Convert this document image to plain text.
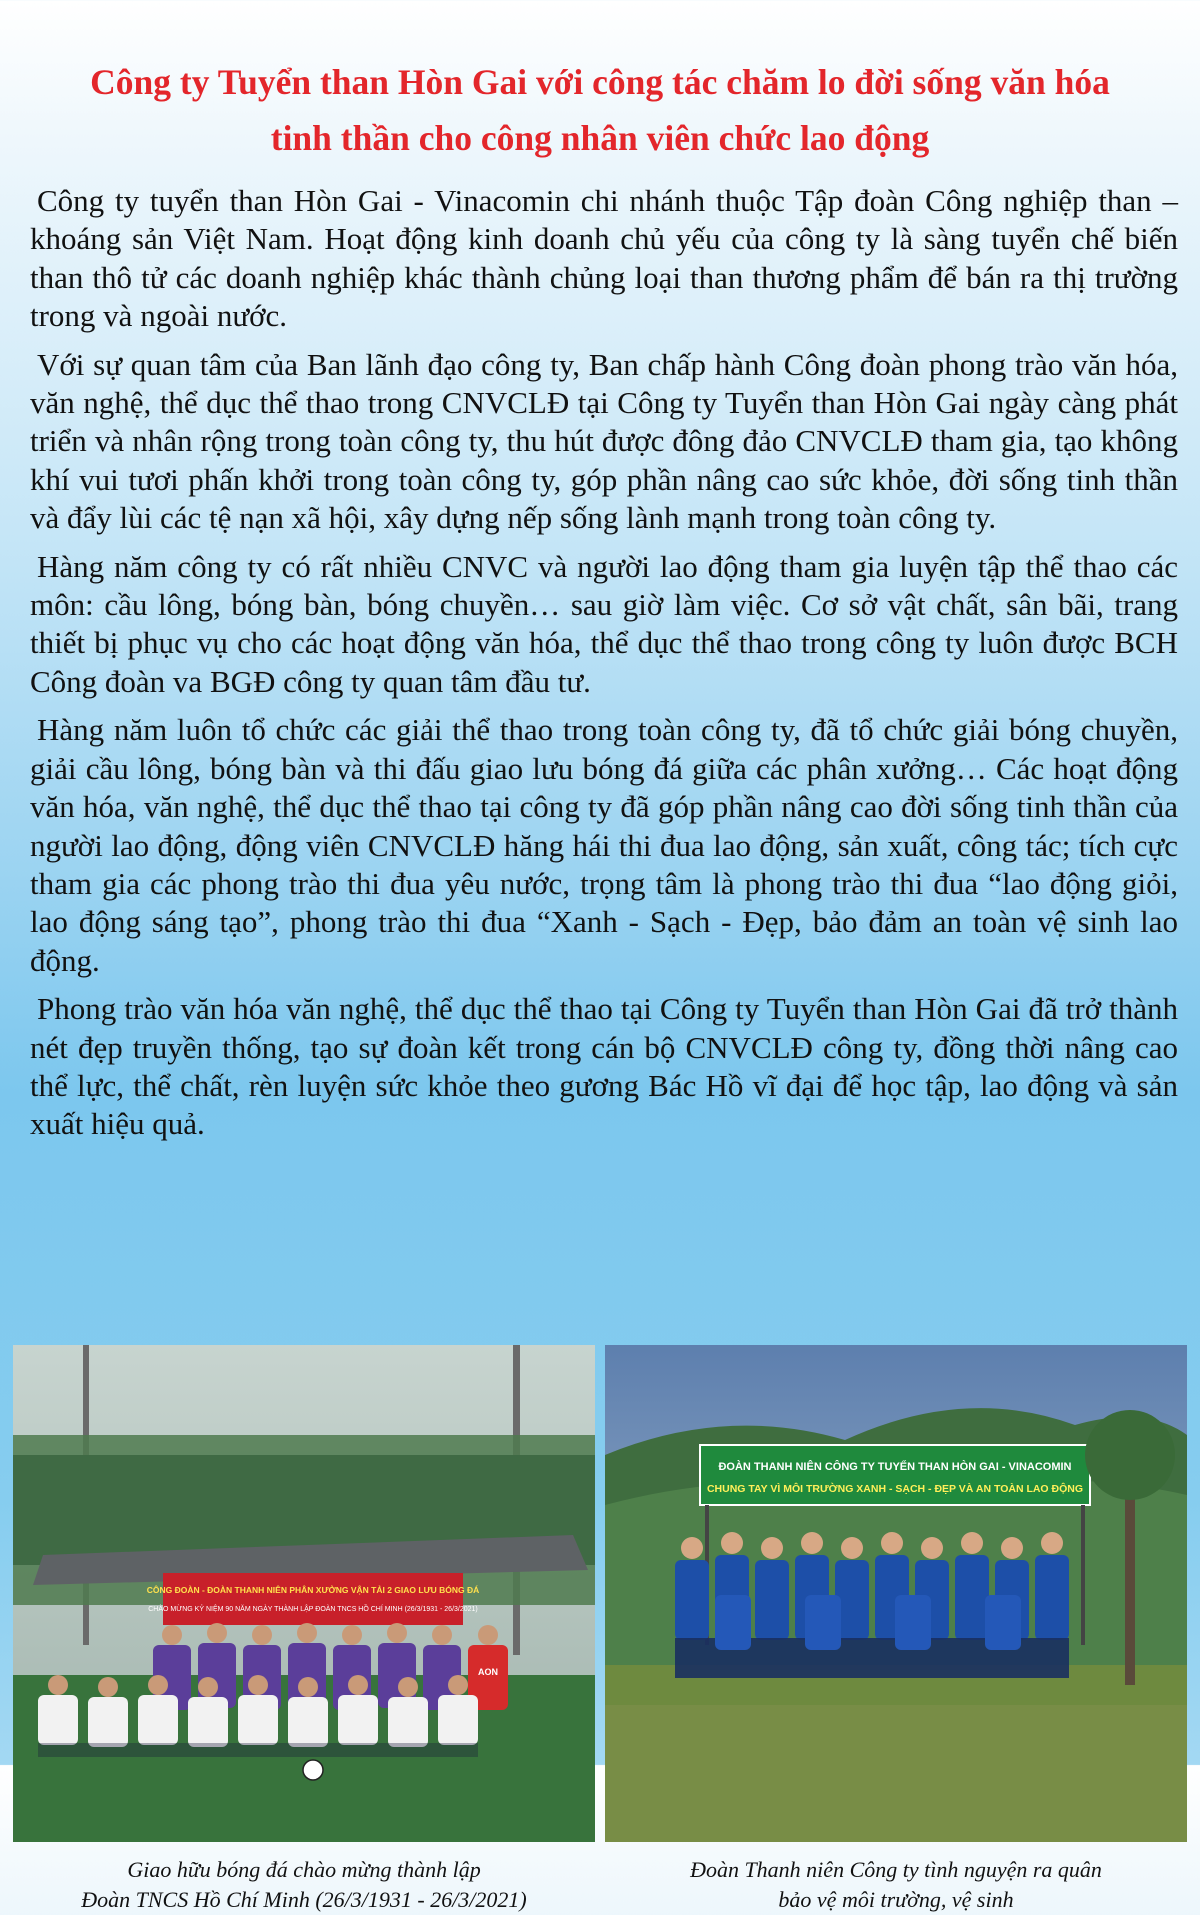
Công ty Tuyển than Hòn Gai với công tác chăm lo đời sống văn hóa
tinh thần cho công nhân viên chức lao động

Công ty tuyển than Hòn Gai - Vinacomin chi nhánh thuộc Tập đoàn Công nghiệp than – khoáng sản Việt Nam. Hoạt động kinh doanh chủ yếu của công ty là sàng tuyển chế biến than thô tử các doanh nghiệp khác thành chủng loại than thương phẩm để bán ra thị trường trong và ngoài nước.

Với sự quan tâm của Ban lãnh đạo công ty, Ban chấp hành Công đoàn phong trào văn hóa, văn nghệ, thể dục thể thao trong CNVCLĐ tại Công ty Tuyển than Hòn Gai ngày càng phát triển và nhân rộng trong toàn công ty, thu hút được đông đảo CNVCLĐ tham gia, tạo không khí vui tươi phấn khởi trong toàn công ty, góp phần nâng cao sức khỏe, đời sống tinh thần và đẩy lùi các tệ nạn xã hội, xây dựng nếp sống lành mạnh trong toàn công ty.

Hàng năm công ty có rất nhiều CNVC và người lao động tham gia luyện tập thể thao các môn: cầu lông, bóng bàn, bóng chuyền… sau giờ làm việc. Cơ sở vật chất, sân bãi, trang thiết bị phục vụ cho các hoạt động văn hóa, thể dục thể thao trong công ty luôn được BCH Công đoàn va BGĐ công ty quan tâm đầu tư.

Hàng năm luôn tổ chức các giải thể thao trong toàn công ty, đã tổ chức giải bóng chuyền, giải cầu lông, bóng bàn và thi đấu giao lưu bóng đá giữa các phân xưởng… Các hoạt động văn hóa, văn nghệ, thể dục thể thao tại công ty đã góp phần nâng cao đời sống tinh thần của người lao động, động viên CNVCLĐ hăng hái thi đua lao động, sản xuất, công tác; tích cực tham gia các phong trào thi đua yêu nước, trọng tâm là phong trào thi đua “lao động giỏi, lao động sáng tạo”, phong trào thi đua “Xanh - Sạch - Đẹp, bảo đảm an toàn vệ sinh lao động.

Phong trào văn hóa văn nghệ, thể dục thể thao tại Công ty Tuyển than Hòn Gai đã trở thành nét đẹp truyền thống, tạo sự đoàn kết trong cán bộ CNVCLĐ công ty, đồng thời nâng cao thể lực, thể chất, rèn luyện sức khỏe theo gương Bác Hồ vĩ đại để học tập, lao động và sản xuất hiệu quả.

CÔNG ĐOÀN - ĐOÀN THANH NIÊN PHÂN XƯỞNG VẬN TẢI 2 GIAO LƯU BÓNG ĐÁ
CHÀO MỪNG KỶ NIỆM 90 NĂM NGÀY THÀNH LẬP ĐOÀN TNCS HỒ CHÍ MINH (26/3/1931 - 26/3/2021)
AON
ĐOÀN THANH NIÊN CÔNG TY TUYỂN THAN HÒN GAI - VINACOMIN
CHUNG TAY VÌ MÔI TRƯỜNG XANH - SẠCH - ĐẸP VÀ AN TOÀN LAO ĐỘNG
Giao hữu bóng đá chào mừng thành lập
Đoàn TNCS Hồ Chí Minh (26/3/1931 - 26/3/2021)
Đoàn Thanh niên Công ty tình nguyện ra quân
bảo vệ môi trường, vệ sinh
